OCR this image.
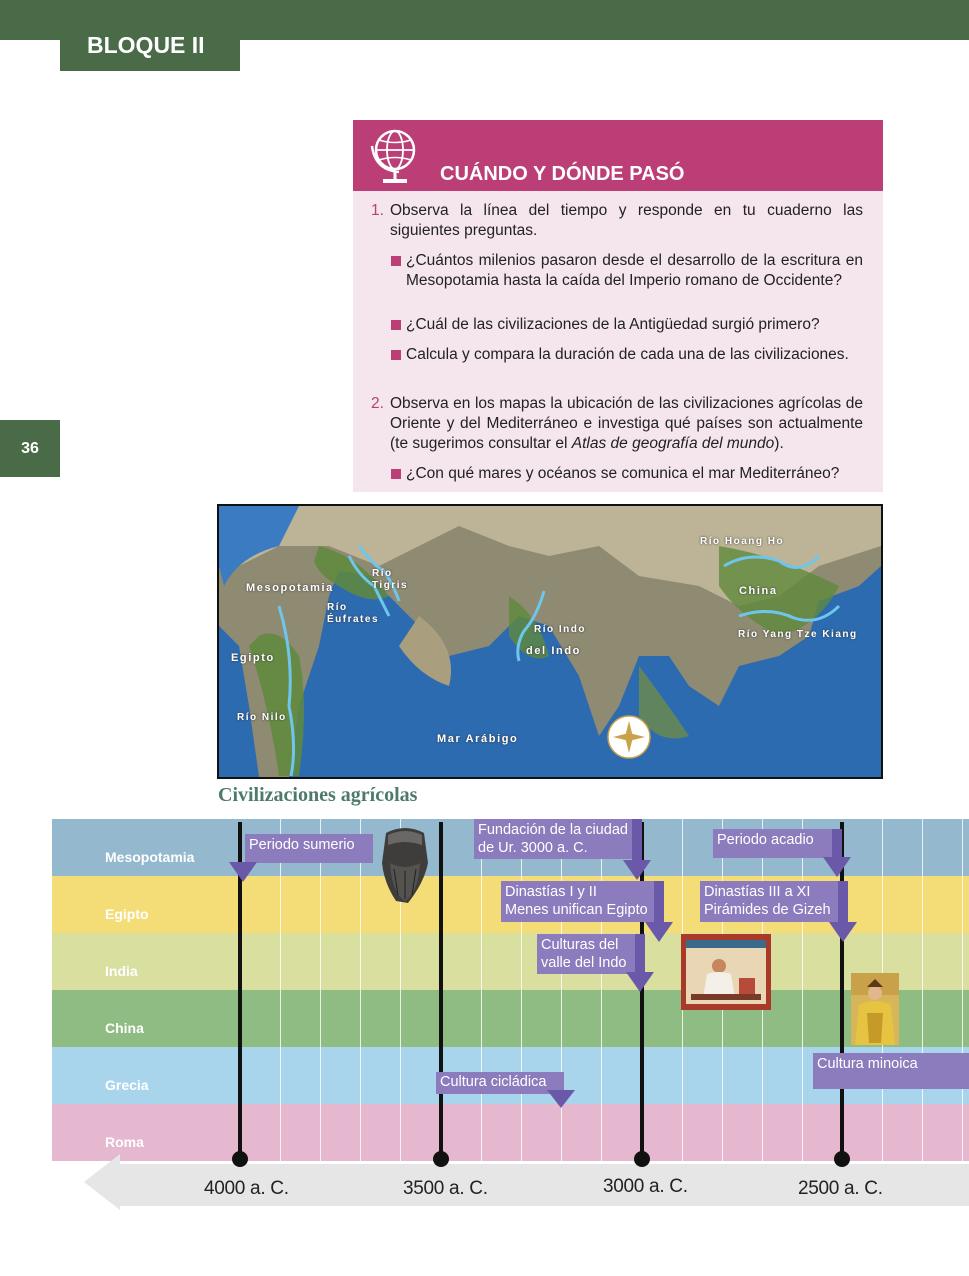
BLOQUE II
36
CUÁNDO Y DÓNDE PASÓ
1. Observa la línea del tiempo y responde en tu cuaderno las siguientes preguntas.
¿Cuántos milenios pasaron desde el desarrollo de la escritura en Mesopotamia hasta la caída del Imperio romano de Occidente?
¿Cuál de las civilizaciones de la Antigüedad surgió primero?
Calcula y compara la duración de cada una de las civilizaciones.
2. Observa en los mapas la ubicación de las civilizaciones agrícolas de Oriente y del Mediterráneo e investiga qué países son actualmente (te sugerimos consultar el Atlas de geografía del mundo).
¿Con qué mares y océanos se comunica el mar Mediterráneo?
Mesopotamia
Río Tigris
Río Éufrates
Egipto
Río Nilo
Mar Arábigo
Río Indo
del Indo
Río Hoang Ho
China
Río Yang Tze Kiang
Civilizaciones agrícolas
Mesopotamia
Egipto
India
China
Grecia
Roma
4000 a. C.	3500 a. C.	3000 a. C.	2500 a. C.
Periodo sumerio
Fundación de la ciudad
de Ur. 3000 a. C.	Periodo acadio
Dinastías I y II
Menes unifican Egipto
Dinastías III a XI
Pirámides de Gizeh
Culturas del
valle del Indo
Cultura minoica
Cultura cicládica
